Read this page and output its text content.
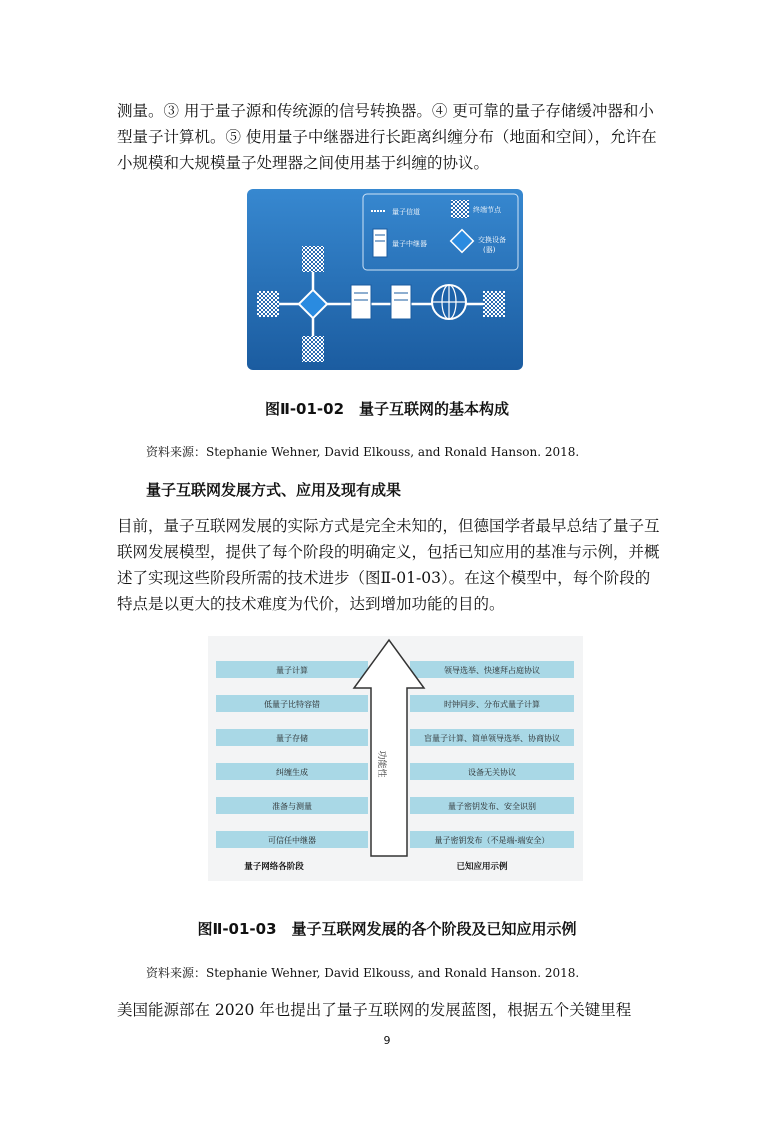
测量。③ 用于量子源和传统源的信号转换器。④ 更可靠的量子存储缓冲器和小型量子计算机。⑤ 使用量子中继器进行长距离纠缠分布（地面和空间），允许在小规模和大规模量子处理器之间使用基于纠缠的协议。

量子信道	终端节点
量子中继器	交换设备
(器)
图Ⅱ-01-02　量子互联网的基本构成
资料来源：Stephanie Wehner, David Elkouss, and Ronald Hanson. 2018.
量子互联网发展方式、应用及现有成果

目前，量子互联网发展的实际方式是完全未知的，但德国学者最早总结了量子互联网发展模型，提供了每个阶段的明确定义，包括已知应用的基准与示例，并概述了实现这些阶段所需的技术进步（图Ⅱ-01-03）。在这个模型中，每个阶段的特点是以更大的技术难度为代价，达到增加功能的目的。

量子计算	领导选举、快速拜占庭协议
低量子比特容错	时钟同步、分布式量子计算
量子存储	盲量子计算、简单领导选举、协商协议
纠缠生成	设备无关协议
准备与测量	量子密钥发布、安全识别
可信任中继器	量子密钥发布（不是端-端安全）
功能性
量子网络各阶段	已知应用示例
图Ⅱ-01-03　量子互联网发展的各个阶段及已知应用示例
资料来源：Stephanie Wehner, David Elkouss, and Ronald Hanson. 2018.

美国能源部在 2020 年也提出了量子互联网的发展蓝图，根据五个关键里程

9
